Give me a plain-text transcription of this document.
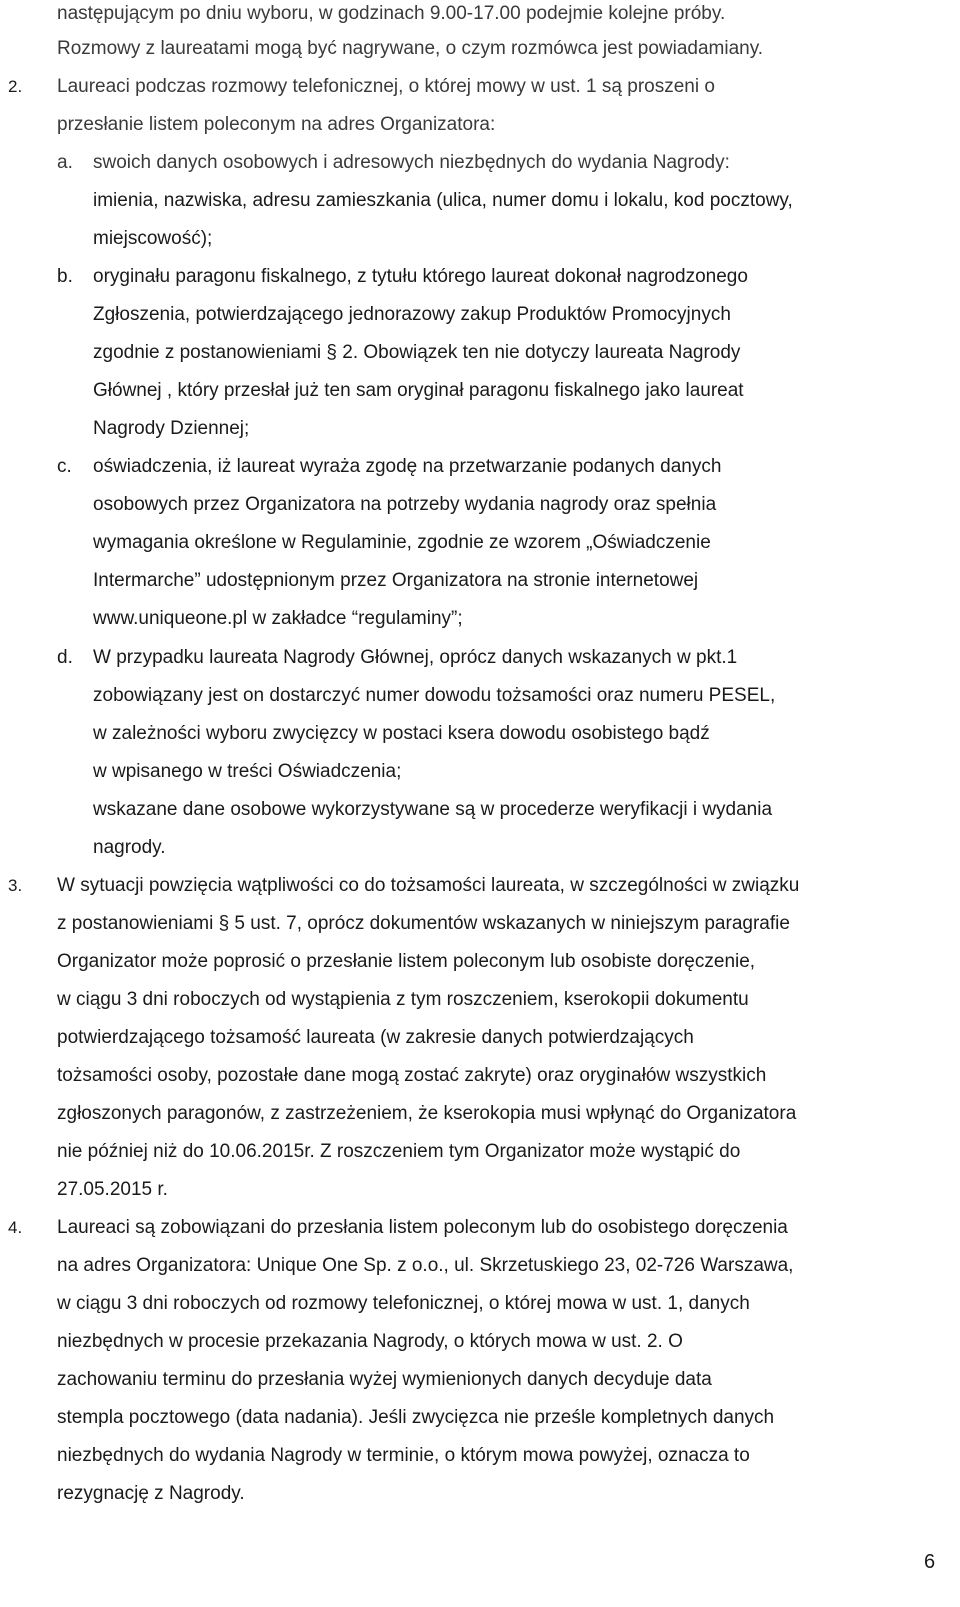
następującym po dniu wyboru, w godzinach 9.00-17.00 podejmie kolejne próby.
Rozmowy z laureatami mogą być nagrywane, o czym rozmówca jest powiadamiany.
2. Laureaci podczas rozmowy telefonicznej, o której mowy w ust. 1 są proszeni o
przesłanie listem poleconym na adres Organizatora:
a. swoich danych osobowych i adresowych niezbędnych do wydania Nagrody:
imienia, nazwiska, adresu zamieszkania (ulica, numer domu i lokalu, kod pocztowy,
miejscowość);
b. oryginału paragonu fiskalnego, z tytułu którego laureat dokonał nagrodzonego
Zgłoszenia, potwierdzającego jednorazowy zakup Produktów Promocyjnych
zgodnie z postanowieniami § 2. Obowiązek ten nie dotyczy laureata Nagrody
Głównej , który przesłał już ten sam oryginał paragonu fiskalnego jako laureat
Nagrody Dziennej;
c. oświadczenia, iż laureat wyraża zgodę na przetwarzanie podanych danych
osobowych przez Organizatora na potrzeby wydania nagrody oraz spełnia
wymagania określone w Regulaminie, zgodnie ze wzorem „Oświadczenie
Intermarche” udostępnionym przez Organizatora na stronie internetowej
www.uniqueone.pl w zakładce “regulaminy”;
d. W przypadku laureata Nagrody Głównej, oprócz danych wskazanych w pkt.1
zobowiązany jest on dostarczyć numer dowodu tożsamości oraz numeru PESEL,
w zależności wyboru zwycięzcy w postaci ksera dowodu osobistego bądź
w wpisanego w treści Oświadczenia;
wskazane dane osobowe wykorzystywane są w procederze weryfikacji i wydania
nagrody.
3. W sytuacji powzięcia wątpliwości co do tożsamości laureata, w szczególności w związku
z postanowieniami § 5 ust. 7, oprócz dokumentów wskazanych w niniejszym paragrafie
Organizator może poprosić o przesłanie listem poleconym lub osobiste doręczenie,
w ciągu 3 dni roboczych od wystąpienia z tym roszczeniem, kserokopii dokumentu
potwierdzającego tożsamość laureata (w zakresie danych potwierdzających
tożsamości osoby, pozostałe dane mogą zostać zakryte) oraz oryginałów wszystkich
zgłoszonych paragonów, z zastrzeżeniem, że kserokopia musi wpłynąć do Organizatora
nie później niż do 10.06.2015r. Z roszczeniem tym Organizator może wystąpić do
27.05.2015 r.
4. Laureaci są zobowiązani do przesłania listem poleconym lub do osobistego doręczenia
na adres Organizatora: Unique One Sp. z o.o., ul. Skrzetuskiego 23, 02-726 Warszawa,
w ciągu 3 dni roboczych od rozmowy telefonicznej, o której mowa w ust. 1, danych
niezbędnych w procesie przekazania Nagrody, o których mowa w ust. 2. O
zachowaniu terminu do przesłania wyżej wymienionych danych decyduje data
stempla pocztowego (data nadania). Jeśli zwycięzca nie prześle kompletnych danych
niezbędnych do wydania Nagrody w terminie, o którym mowa powyżej, oznacza to
rezygnację z Nagrody.
6
